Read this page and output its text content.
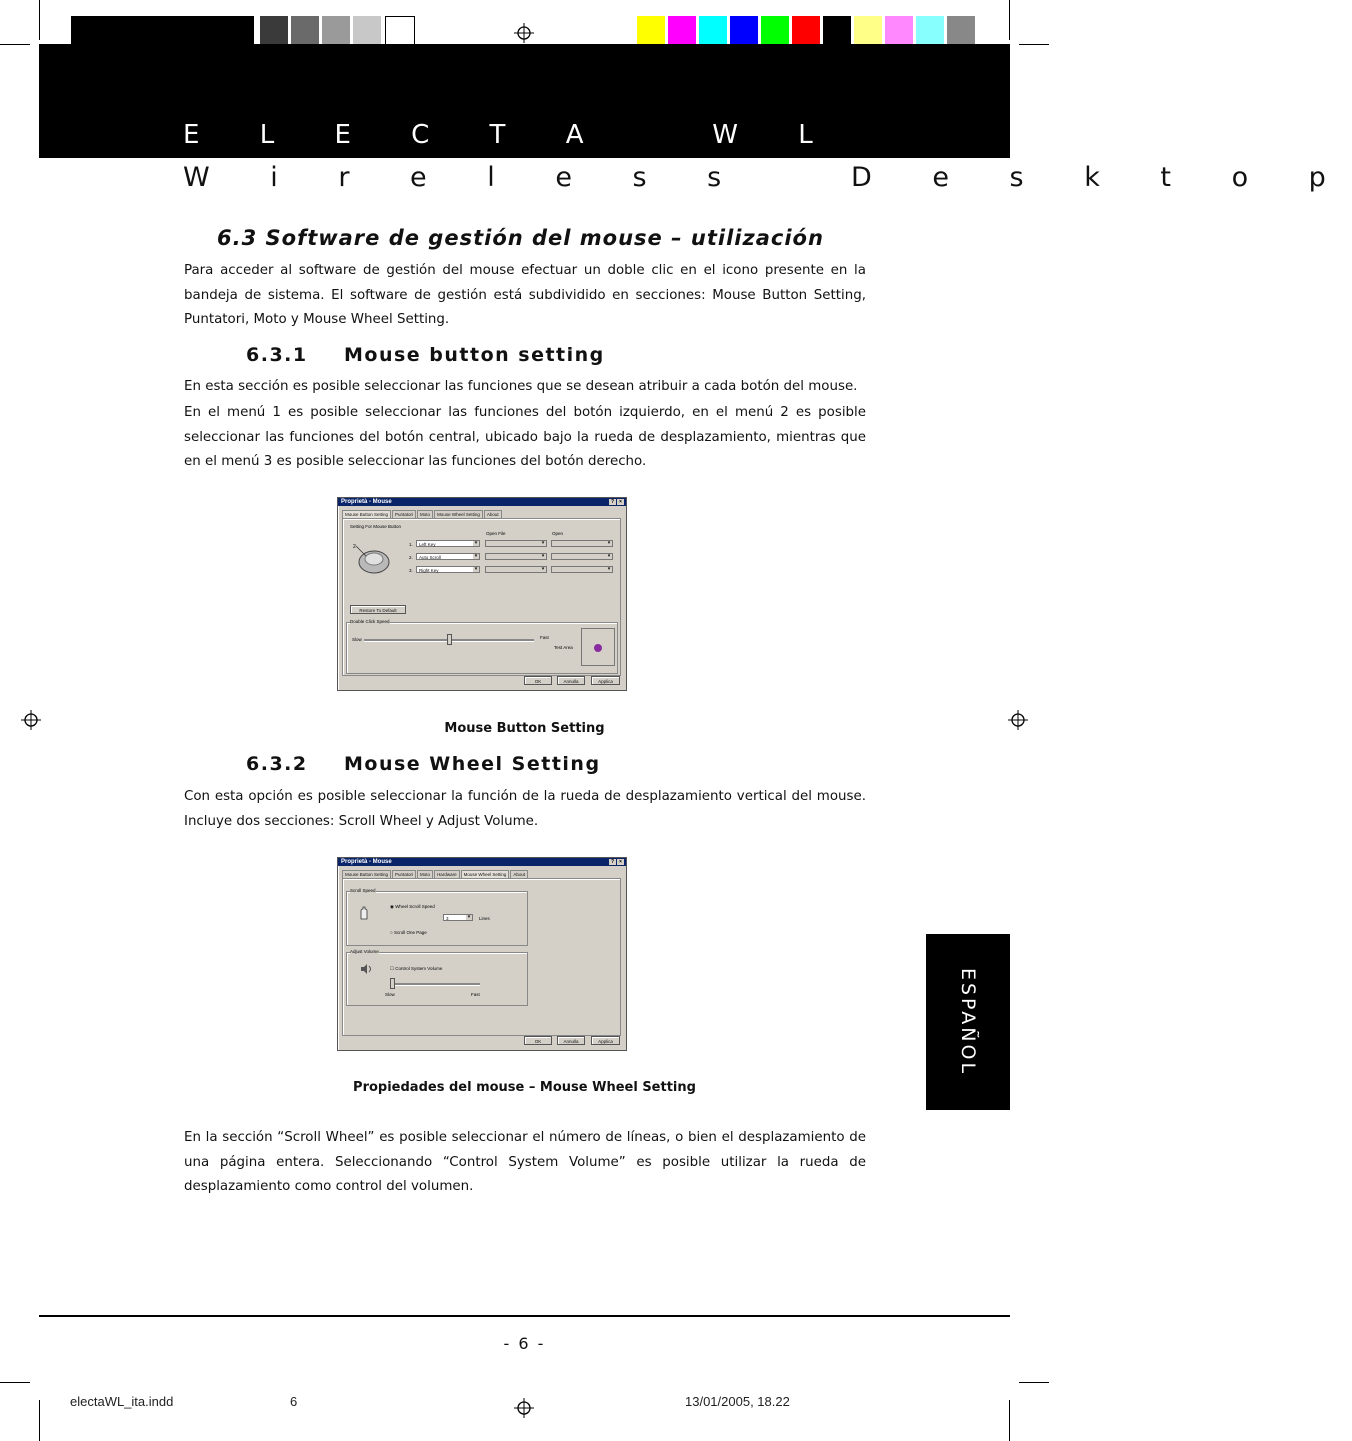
E L E C T A   W L
W i r e l e s s   D e s k t o p
6.3 Software de gestión del mouse – utilización
Para acceder al software de gestión del mouse efectuar un doble clic en el icono presente en la bandeja de sistema. El software de gestión está subdividido en secciones: Mouse Button Setting, Puntatori, Moto y Mouse Wheel Setting.
6.3.1 Mouse button setting
En esta sección es posible seleccionar las funciones que se desean atribuir a cada botón del mouse.
En el menú 1 es posible seleccionar las funciones del botón izquierdo, en el menú 2 es posible seleccionar las funciones del botón central, ubicado bajo la rueda de desplazamiento, mientras que en el menú 3 es posible seleccionar las funciones del botón derecho.
Proprietà - Mouse	? ×
Mouse Button Setting Puntatori Moto Mouse Wheel Setting About
Setting For Mouse Button
Open File	Open
2	1.	Left Key ▾
▾
▾
2.	Auto Scroll ▾
▾
▾
3.	Right Key ▾
▾
▾
Restore To Default
Double Click Speed
Slow	Fast
Test Area
OK	Annulla	Applica
Mouse Button Setting
6.3.2 Mouse Wheel Setting
Con esta opción es posible seleccionar la función de la rueda de desplazamiento vertical del mouse. Incluye dos secciones: Scroll Wheel y Adjust Volume.
Proprietà - Mouse	? ×
Mouse Button Setting Puntatori Moto Hardware Mouse Wheel Setting About
Scroll Speed
◉ Wheel Scroll Speed
3 ▾	Lines
○ Scroll One Page
Adjust Volume
☐ Control System Volume
Slow	Fast
OK	Annulla	Applica
Propiedades del mouse – Mouse Wheel Setting
En la sección “Scroll Wheel” es posible seleccionar el número de líneas, o bien el desplazamiento de una página entera. Seleccionando “Control System Volume” es posible utilizar la rueda de desplazamiento como control del volumen.
ESPAÑOL
- 6 -
electaWL_ita.indd	6	13/01/2005, 18.22
